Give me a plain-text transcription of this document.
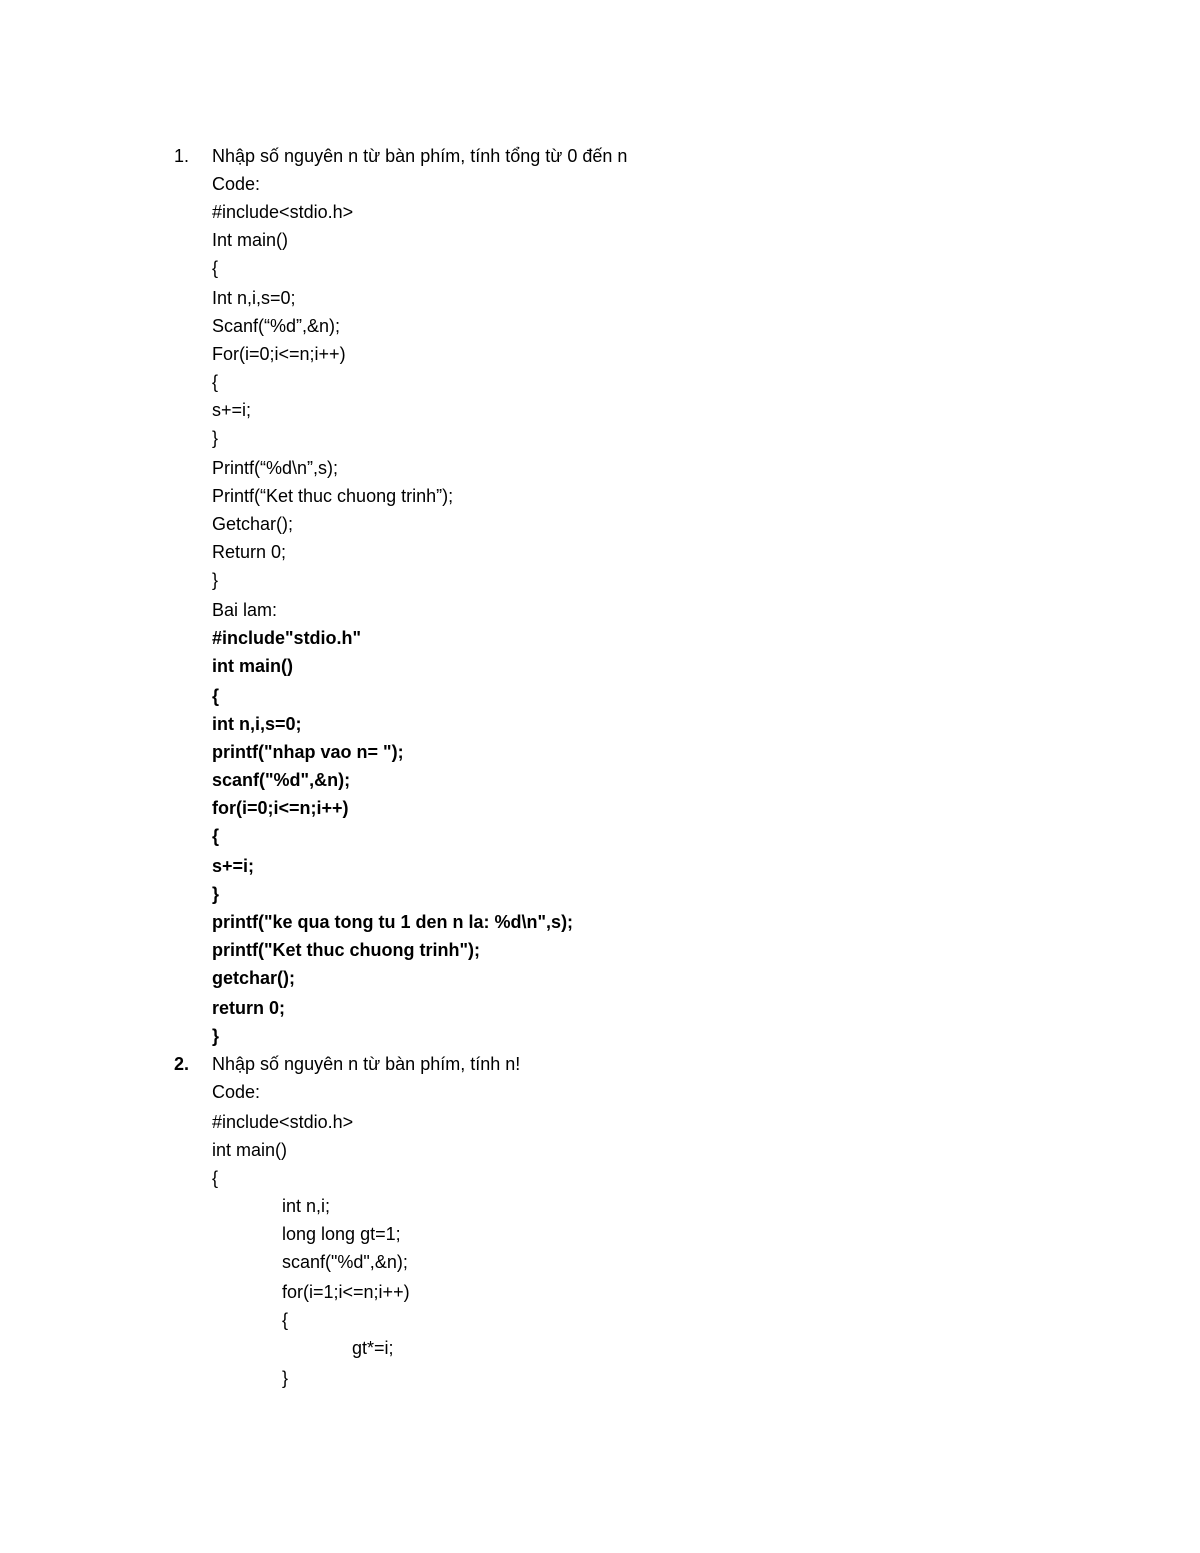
1. Nhập số nguyên n từ bàn phím, tính tổng từ 0 đến n
Code:
#include<stdio.h>
Int main()
{
Int n,i,s=0;
Scanf(“%d”,&n);
For(i=0;i<=n;i++)
{
s+=i;
}
Printf(“%d\n”,s);
Printf(“Ket thuc chuong trinh”);
Getchar();
Return 0;
}
Bai lam:
#include"stdio.h"
int main()
{
int n,i,s=0;
printf("nhap vao n= ");
scanf("%d",&n);
for(i=0;i<=n;i++)
{
s+=i;
}
printf("ke qua tong tu 1 den n la: %d\n",s);
printf("Ket thuc chuong trinh");
getchar();
return 0;
}
2. Nhập số nguyên n từ bàn phím, tính n!
Code:
#include<stdio.h>
int main()
{
int n,i;
long long gt=1;
scanf("%d",&n);
for(i=1;i<=n;i++)
{
gt*=i;
}
